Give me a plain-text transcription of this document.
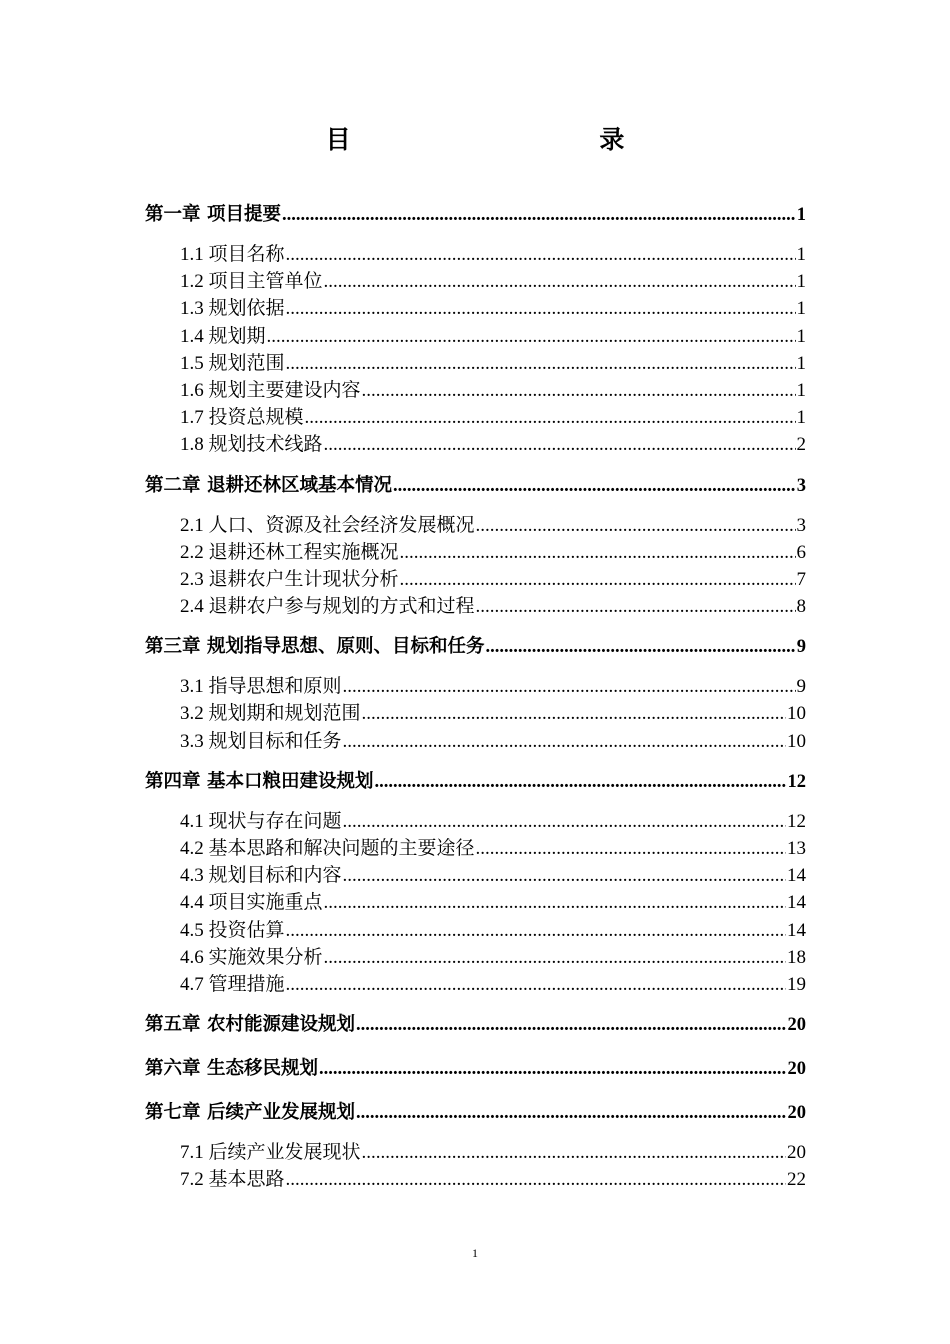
目 录
第一章 项目提要 .....	1
1.1 项目名称 .....	1
1.2 项目主管单位 .....	1
1.3 规划依据 .....	1
1.4 规划期 .....	1
1.5 规划范围 .....	1
1.6 规划主要建设内容 .....	1
1.7 投资总规模 .....	1
1.8 规划技术线路 .....	2
第二章 退耕还林区域基本情况 .....	3
2.1 人口、资源及社会经济发展概况 .....	3
2.2 退耕还林工程实施概况 .....	6
2.3 退耕农户生计现状分析 .....	7
2.4 退耕农户参与规划的方式和过程 .....	8
第三章 规划指导思想、原则、目标和任务 .....	9
3.1 指导思想和原则 .....	9
3.2 规划期和规划范围 .....	10
3.3 规划目标和任务 .....	10
第四章 基本口粮田建设规划 .....	12
4.1 现状与存在问题 .....	12
4.2 基本思路和解决问题的主要途径 .....	13
4.3 规划目标和内容 .....	14
4.4 项目实施重点 .....	14
4.5 投资估算 .....	14
4.6 实施效果分析 .....	18
4.7 管理措施 .....	19
第五章 农村能源建设规划 .....	20
第六章 生态移民规划 .....	20
第七章 后续产业发展规划 .....	20
7.1 后续产业发展现状 .....	20
7.2 基本思路 .....	22
1
